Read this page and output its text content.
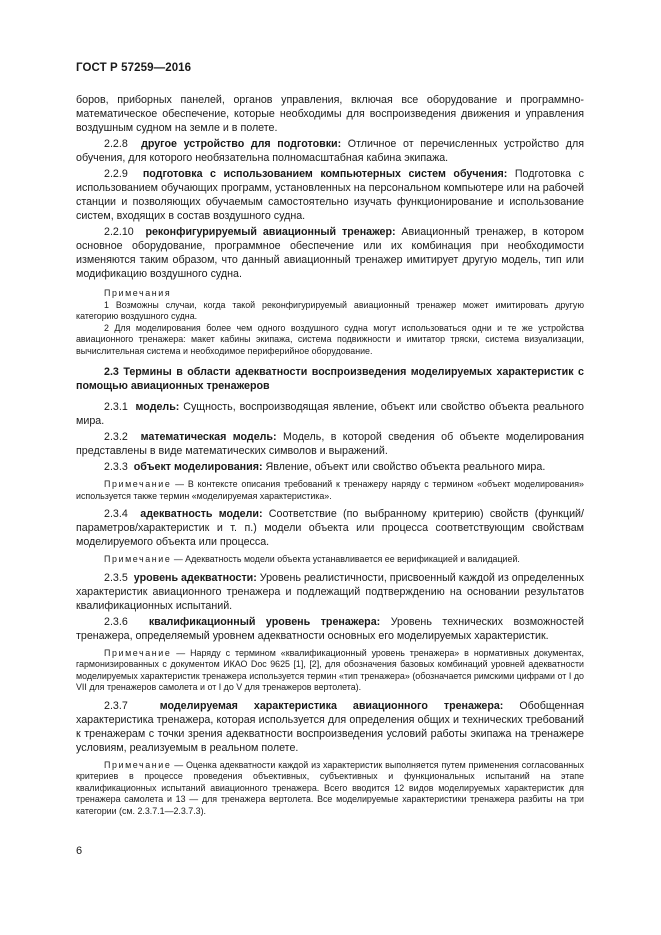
ГОСТ Р 57259—2016

боров, приборных панелей, органов управления, включая все оборудование и программно-математическое обеспечение, которые необходимы для воспроизведения движения и управления воздушным судном на земле и в полете.

2.2.8 другое устройство для подготовки: Отличное от перечисленных устройство для обучения, для которого необязательна полномасштабная кабина экипажа.

2.2.9 подготовка с использованием компьютерных систем обучения: Подготовка с использованием обучающих программ, установленных на персональном компьютере или на рабочей станции и позволяющих обучаемым самостоятельно изучать функционирование и использование систем, входящих в состав воздушного судна.

2.2.10 реконфигурируемый авиационный тренажер: Авиационный тренажер, в котором основное оборудование, программное обеспечение или их комбинация при необходимости изменяются таким образом, что данный авиационный тренажер имитирует другую модель, тип или модификацию воздушного судна.

Примечания

1 Возможны случаи, когда такой реконфигурируемый авиационный тренажер может имитировать другую категорию воздушного судна.

2 Для моделирования более чем одного воздушного судна могут использоваться одни и те же устройства авиационного тренажера: макет кабины экипажа, система подвижности и имитатор тряски, система визуализации, вычислительная система и необходимое периферийное оборудование.

2.3 Термины в области адекватности воспроизведения моделируемых характеристик с помощью авиационных тренажеров

2.3.1 модель: Сущность, воспроизводящая явление, объект или свойство объекта реального мира.

2.3.2 математическая модель: Модель, в которой сведения об объекте моделирования представлены в виде математических символов и выражений.

2.3.3 объект моделирования: Явление, объект или свойство объекта реального мира.

Примечание — В контексте описания требований к тренажеру наряду с термином «объект моделирования» используется также термин «моделируемая характеристика».

2.3.4 адекватность модели: Соответствие (по выбранному критерию) свойств (функций/параметров/характеристик и т. п.) модели объекта или процесса соответствующим свойствам моделируемого объекта или процесса.

Примечание — Адекватность модели объекта устанавливается ее верификацией и валидацией.

2.3.5 уровень адекватности: Уровень реалистичности, присвоенный каждой из определенных характеристик авиационного тренажера и подлежащий подтверждению на основании результатов квалификационных испытаний.

2.3.6 квалификационный уровень тренажера: Уровень технических возможностей тренажера, определяемый уровнем адекватности основных его моделируемых характеристик.

Примечание — Наряду с термином «квалификационный уровень тренажера» в нормативных документах, гармонизированных с документом ИКАО Doc 9625 [1], [2], для обозначения базовых комбинаций уровней адекватности моделируемых характеристик тренажера используется термин «тип тренажера» (обозначается римскими цифрами от I до VII для тренажеров самолета и от I до V для тренажеров вертолета).

2.3.7	моделируемая характеристика авиационного тренажера: Обобщенная характеристика тренажера, которая используется для определения общих и технических требований к тренажерам с точки зрения адекватности воспроизведения условий работы экипажа на тренажере условиям, реализуемым в реальном полете.

Примечание — Оценка адекватности каждой из характеристик выполняется путем применения согласованных критериев в процессе проведения объективных, субъективных и функциональных испытаний на этапе квалификационных испытаний авиационного тренажера. Всего вводится 12 видов моделируемых характеристик для тренажера самолета и 13 — для тренажера вертолета. Все моделируемые характеристики тренажера разбиты на три категории (см. 2.3.7.1—2.3.7.3).

6
